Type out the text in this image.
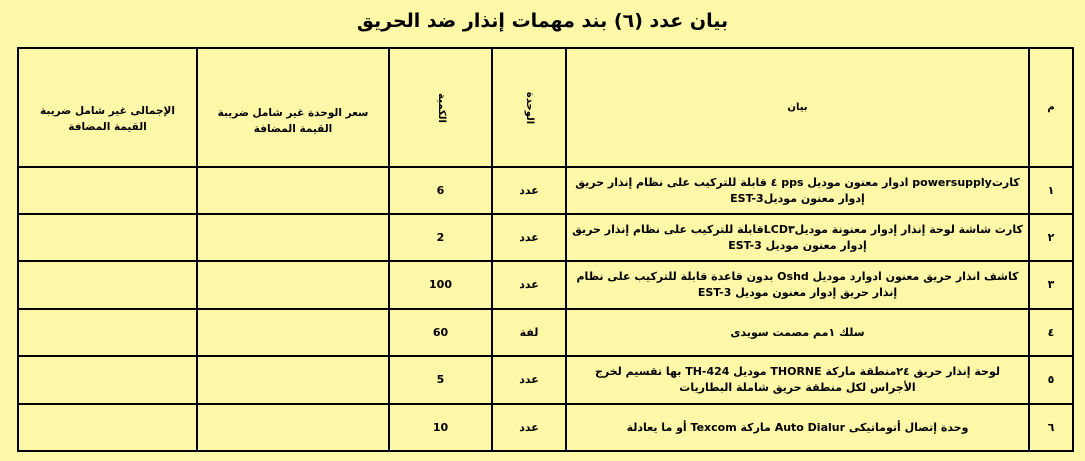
بيان عدد (٦) بند مهمات إنذار ضد الحريق
م	بيان	الوحدة	الكمية	سعر الوحدة غير شامل ضريبة القيمة المضافة	الإجمالى غير شامل ضريبة القيمة المضافة
١	كارتpowersupply ادوار معنون موديل pps ٤ قابلة للتركيب على نظام إنذار حريق إدوار معنون موديلEST-3	عدد	6		
٢	كارت شاشة لوحة إنذار إدوار معنونة موديلLCD٣قابلة للتركيب على نظام إنذار حريق إدوار معنون موديل EST-3	عدد	2		
٣	كاشف انذار حريق معنون ادوارد موديل Oshd بدون قاعدة قابلة للتركيب على نظام إنذار حريق إدوار معنون موديل EST-3	عدد	100		
٤	سلك ١مم مصمت سويدى	لفة	60		
٥	لوحة إنذار حريق ٢٤منطقة ماركة THORNE موديل TH-424 بها تقسيم لخرج الأجراس لكل منطقة حريق شاملة البطاريات	عدد	5		
٦	وحدة إتصال أتوماتيكى Auto Dialur ماركة Texcom أو ما يعادلة	عدد	10		
